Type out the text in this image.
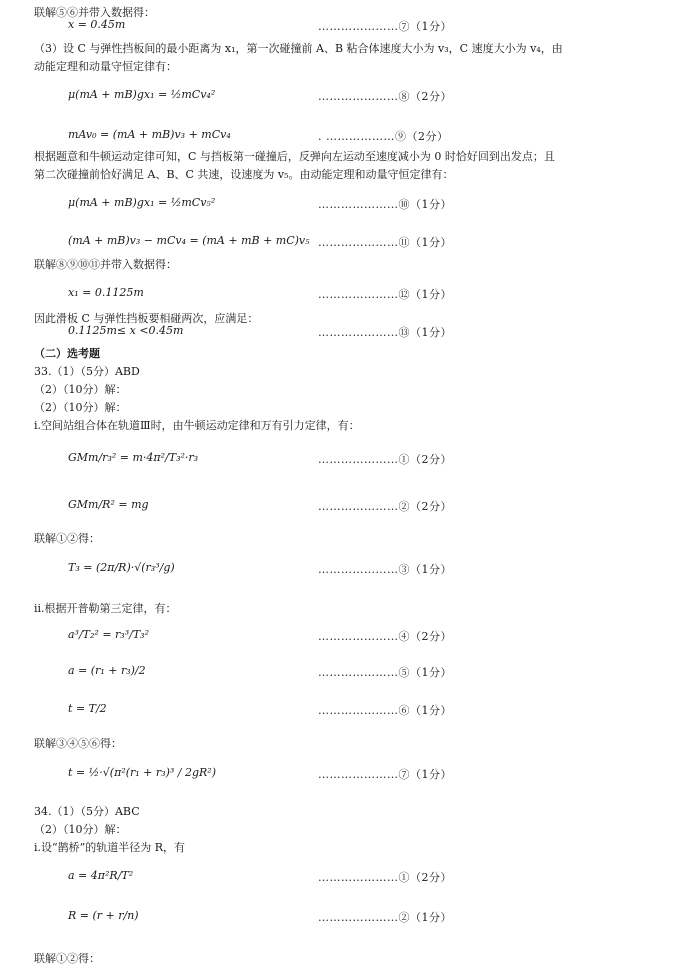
联解⑤⑥并带入数据得：
x = 0.45m	…………………⑦（1分）
（3）设 C 与弹性挡板间的最小距离为 x₁，第一次碰撞前 A、B 粘合体速度大小为 v₃，C 速度大小为 v₄，由
动能定理和动量守恒定律有：
μ(mA + mB)gx₁ = ½mCv₄²	…………………⑧（2分）
mAv₀ = (mA + mB)v₃ + mCv₄	. ………………⑨（2分）
根据题意和牛顿运动定律可知，C 与挡板第一碰撞后，反弹向左运动至速度减小为 0 时恰好回到出发点；且
第二次碰撞前恰好满足 A、B、C 共速，设速度为 v₅。由动能定理和动量守恒定律有：
μ(mA + mB)gx₁ = ½mCv₅²	…………………⑩（1分）
(mA + mB)v₃ − mCv₄ = (mA + mB + mC)v₅ …………………⑪（1分）
联解⑧⑨⑩⑪并带入数据得：
x₁ = 0.1125m	…………………⑫（1分）
因此滑板 C 与弹性挡板要相碰两次，应满足：
0.1125m≤ x <0.45m	…………………⑬（1分）
（二）选考题
33.（1）（5分）ABD
（2）（10分）解：
（2）（10分）解：
i.空间站组合体在轨道Ⅲ时，由牛顿运动定律和万有引力定律，有：
GMm/r₃² = m·4π²/T₃²·r₃	…………………①（2分）
GMm/R² = mg	…………………②（2分）
联解①②得：
T₃ = (2π/R)·√(r₃³/g)	…………………③（1分）
ii.根据开普勒第三定律，有：
a³/T₂² = r₃³/T₃²	…………………④（2分）
a = (r₁ + r₃)/2	…………………⑤（1分）
t = T/2	…………………⑥（1分）
联解③④⑤⑥得：
t = ½·√(π²(r₁ + r₃)³ / 2gR²)	…………………⑦（1分）
34.（1）（5分）ABC
（2）（10分）解：
i.设“鹊桥”的轨道半径为 R，有
a = 4π²R/T²	…………………①（2分）
R = (r + r/n)	…………………②（1分）
联解①②得：
